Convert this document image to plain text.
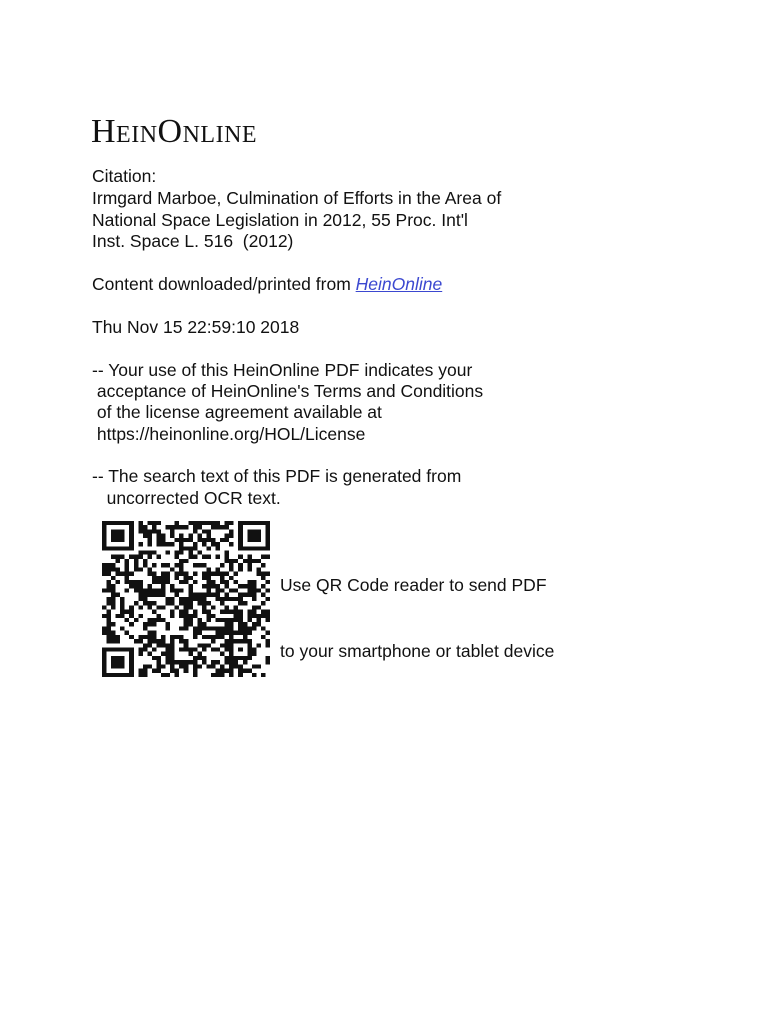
HeinOnline
Citation:
Irmgard Marboe, Culmination of Efforts in the Area of
National Space Legislation in 2012, 55 Proc. Int'l
Inst. Space L. 516  (2012)
Content downloaded/printed from HeinOnline
Thu Nov 15 22:59:10 2018
-- Your use of this HeinOnline PDF indicates your
acceptance of HeinOnline's Terms and Conditions
of the license agreement available at
https://heinonline.org/HOL/License
-- The search text of this PDF is generated from
uncorrected OCR text.

Use QR Code reader to send PDF

to your smartphone or tablet device
